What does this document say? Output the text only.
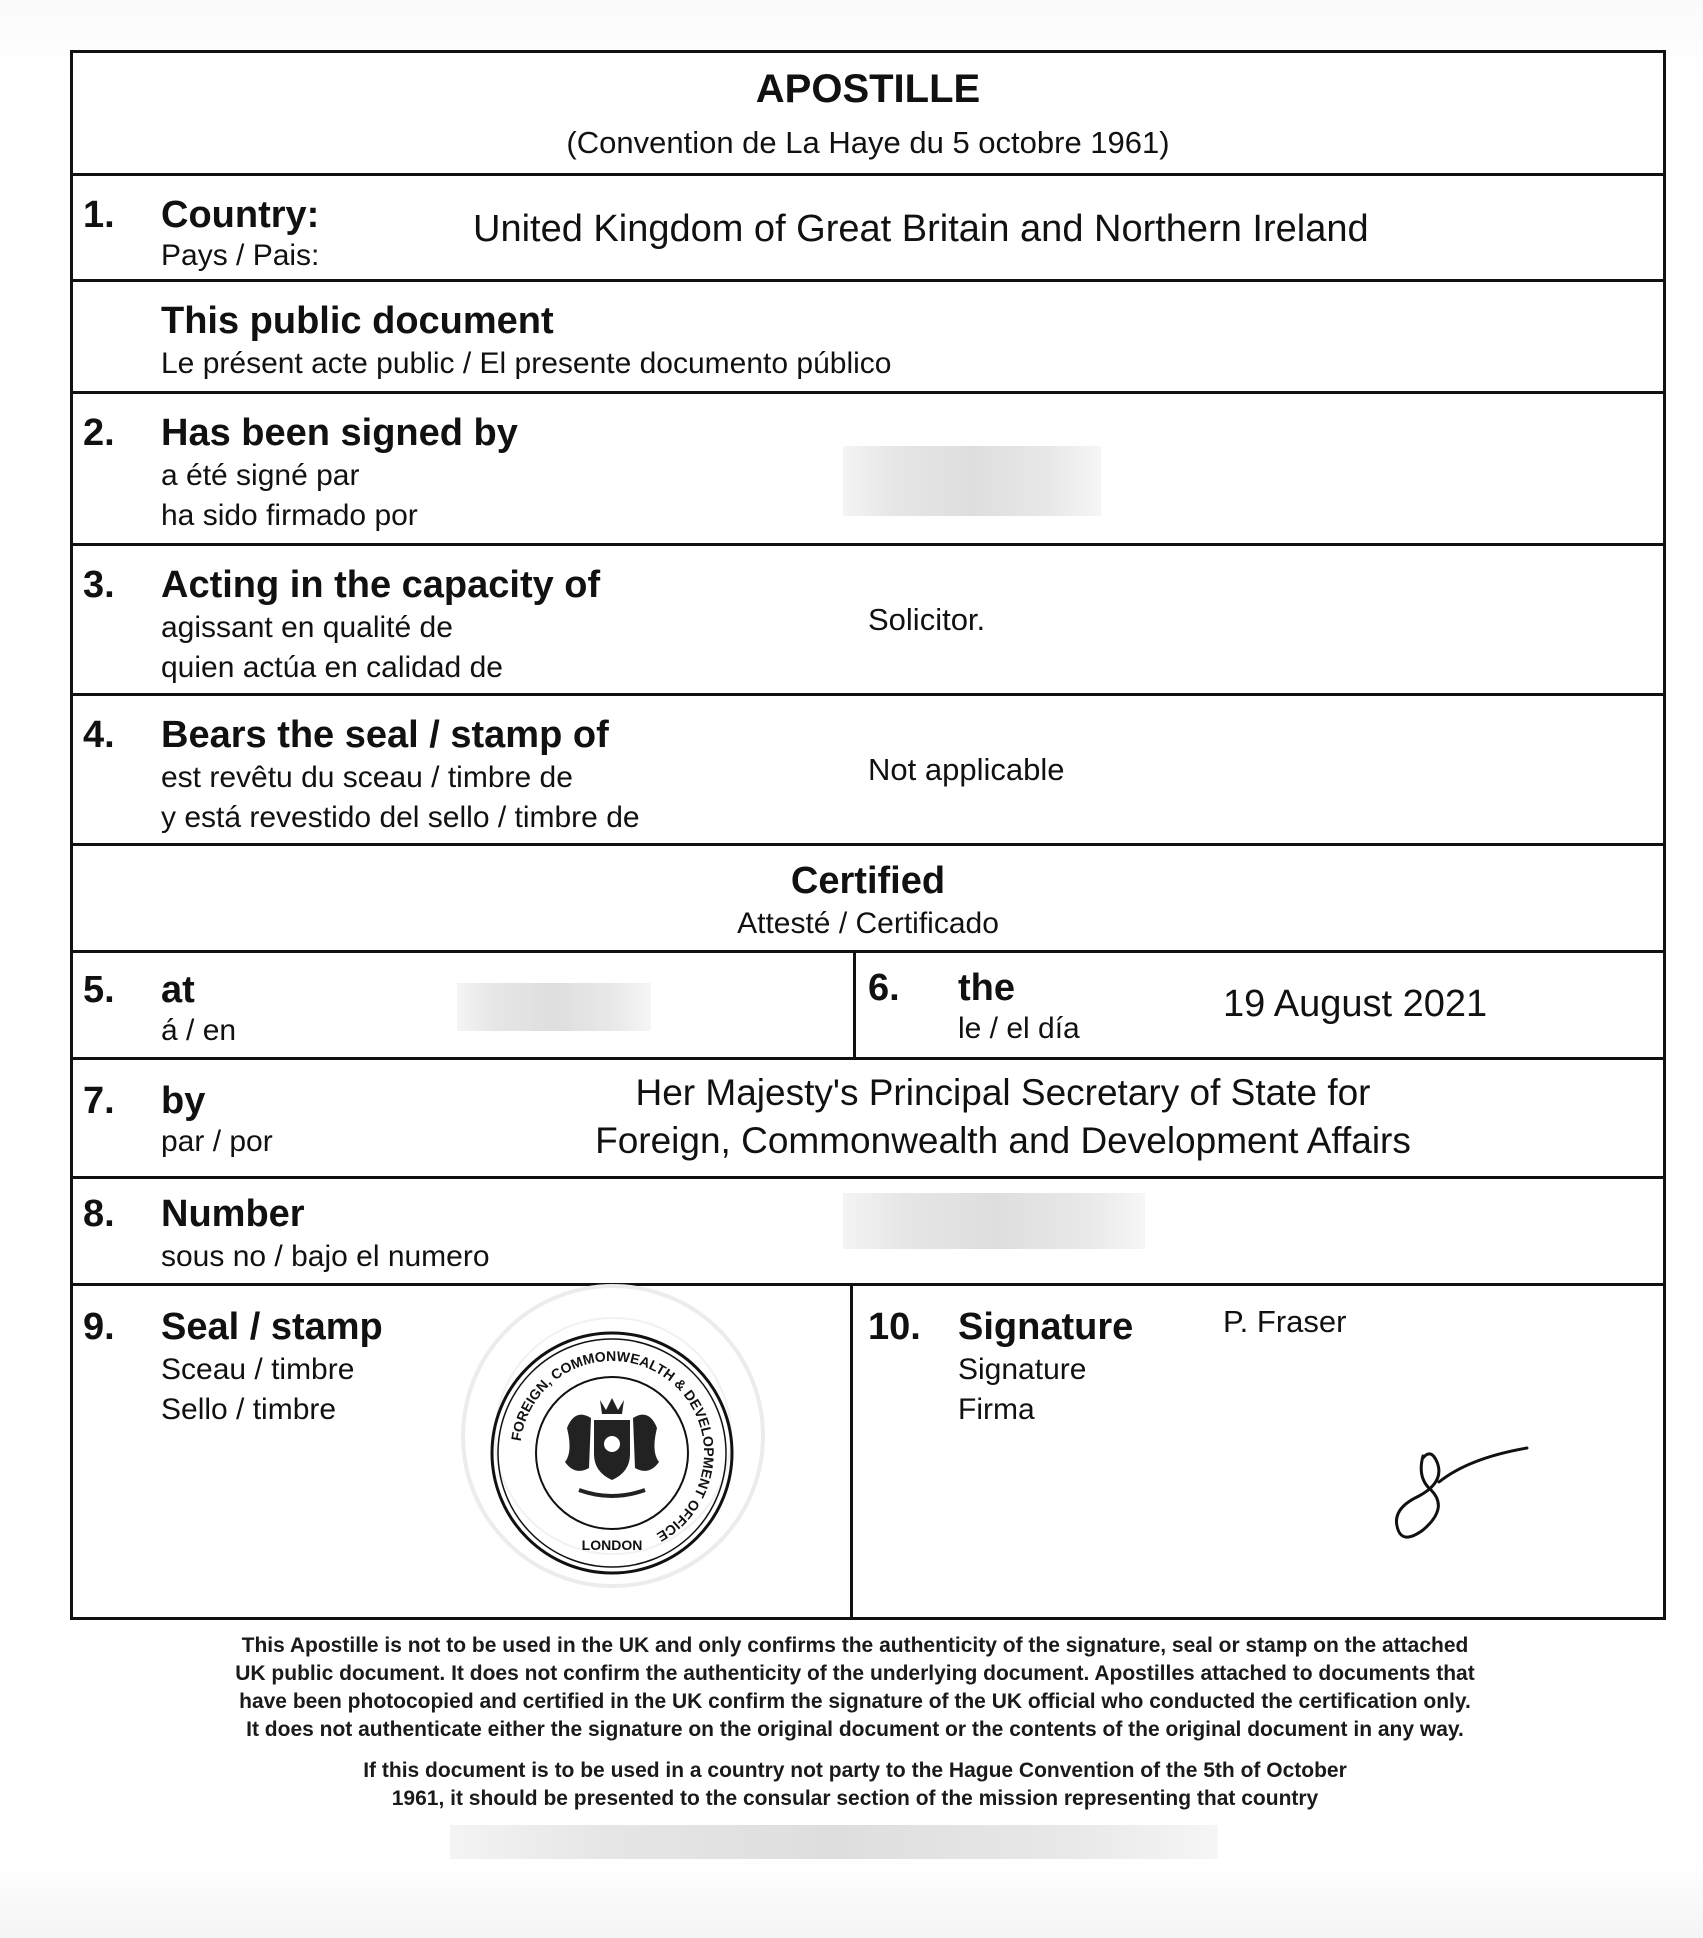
APOSTILLE
(Convention de La Haye du 5 octobre 1961)
1. Country:
Pays / Pais:
United Kingdom of Great Britain and Northern Ireland
This public document
Le présent acte public / El presente documento público
2. Has been signed by
a été signé par
ha sido firmado por
3. Acting in the capacity of
agissant en qualité de
quien actúa en calidad de
Solicitor.
4. Bears the seal / stamp of
est revêtu du sceau / timbre de
y está revestido del sello / timbre de
Not applicable
Certified
Attesté / Certificado
5. at
á / en
6. the
le / el día
19 August 2021
7. by
par / por
Her Majesty's Principal Secretary of State for
Foreign, Commonwealth and Development Affairs
8. Number
sous no / bajo el numero
9. Seal / stamp
Sceau / timbre
Sello / timbre
FOREIGN, COMMONWEALTH & DEVELOPMENT OFFICE
LONDON
10. Signature
Signature
Firma
P. Fraser
This Apostille is not to be used in the UK and only confirms the authenticity of the signature, seal or stamp on the attached
UK public document. It does not confirm the authenticity of the underlying document. Apostilles attached to documents that
have been photocopied and certified in the UK confirm the signature of the UK official who conducted the certification only.
It does not authenticate either the signature on the original document or the contents of the original document in any way.
If this document is to be used in a country not party to the Hague Convention of the 5th of October
1961, it should be presented to the consular section of the mission representing that country
